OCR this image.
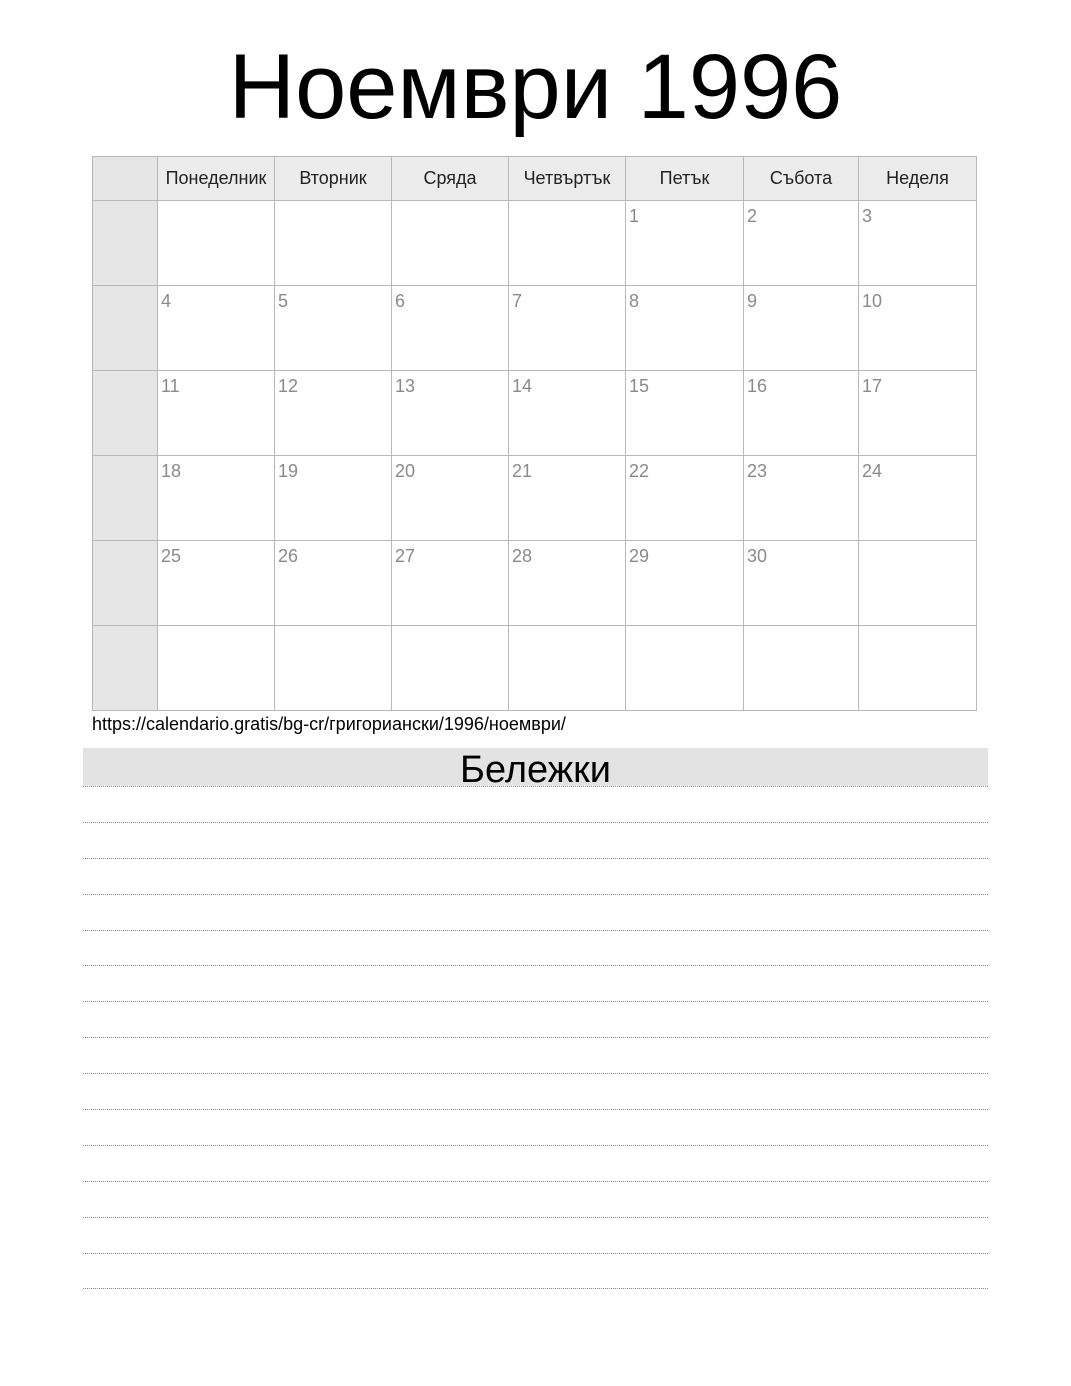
Ноември 1996
	Понеделник	Вторник	Сряда	Четвъртък	Петък	Събота	Неделя

					1	2	3

	4	5	6	7	8	9	10

	11	12	13	14	15	16	17

	18	19	20	21	22	23	24

	25	26	27	28	29	30	

https://calendario.gratis/bg-cr/григориански/1996/ноември/
Бележки
